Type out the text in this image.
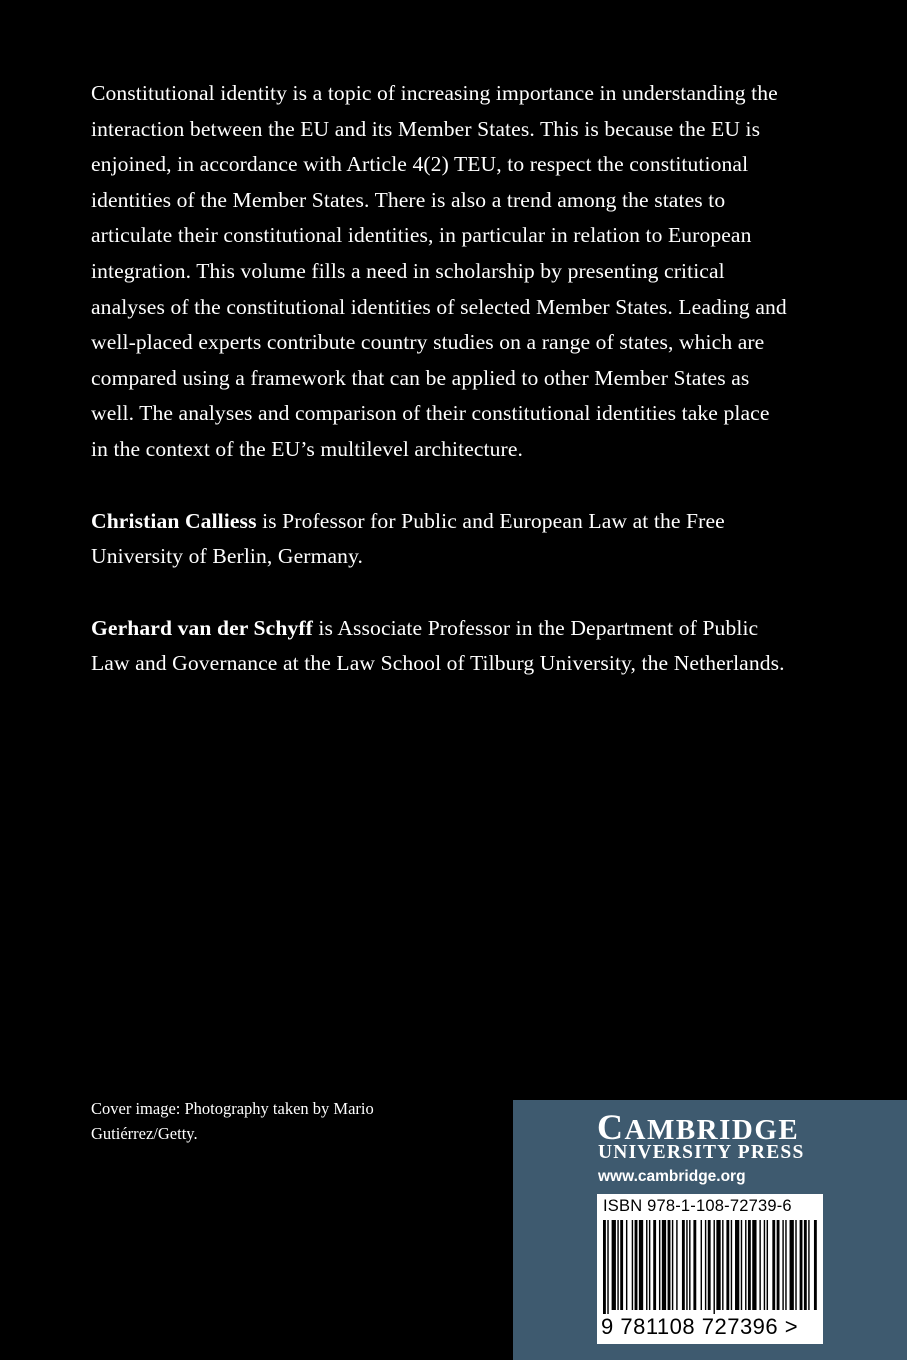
Constitutional identity is a topic of increasing importance in understanding the interaction between the EU and its Member States. This is because the EU is enjoined, in accordance with Article 4(2) TEU, to respect the constitutional identities of the Member States. There is also a trend among the states to articulate their constitutional identities, in particular in relation to European integration. This volume fills a need in scholarship by presenting critical analyses of the constitutional identities of selected Member States. Leading and well-placed experts contribute country studies on a range of states, which are compared using a framework that can be applied to other Member States as well. The analyses and comparison of their constitutional identities take place in the context of the EU’s multilevel architecture.

Christian Calliess is Professor for Public and European Law at the Free University of Berlin, Germany.

Gerhard van der Schyff is Associate Professor in the Department of Public Law and Governance at the Law School of Tilburg University, the Netherlands.

Cover image: Photography taken by Mario Gutiérrez/Getty.	CAMBRIDGE
UNIVERSITY PRESS
www.cambridge.org
ISBN 978-1-108-72739-6
9 781108 727396 >
